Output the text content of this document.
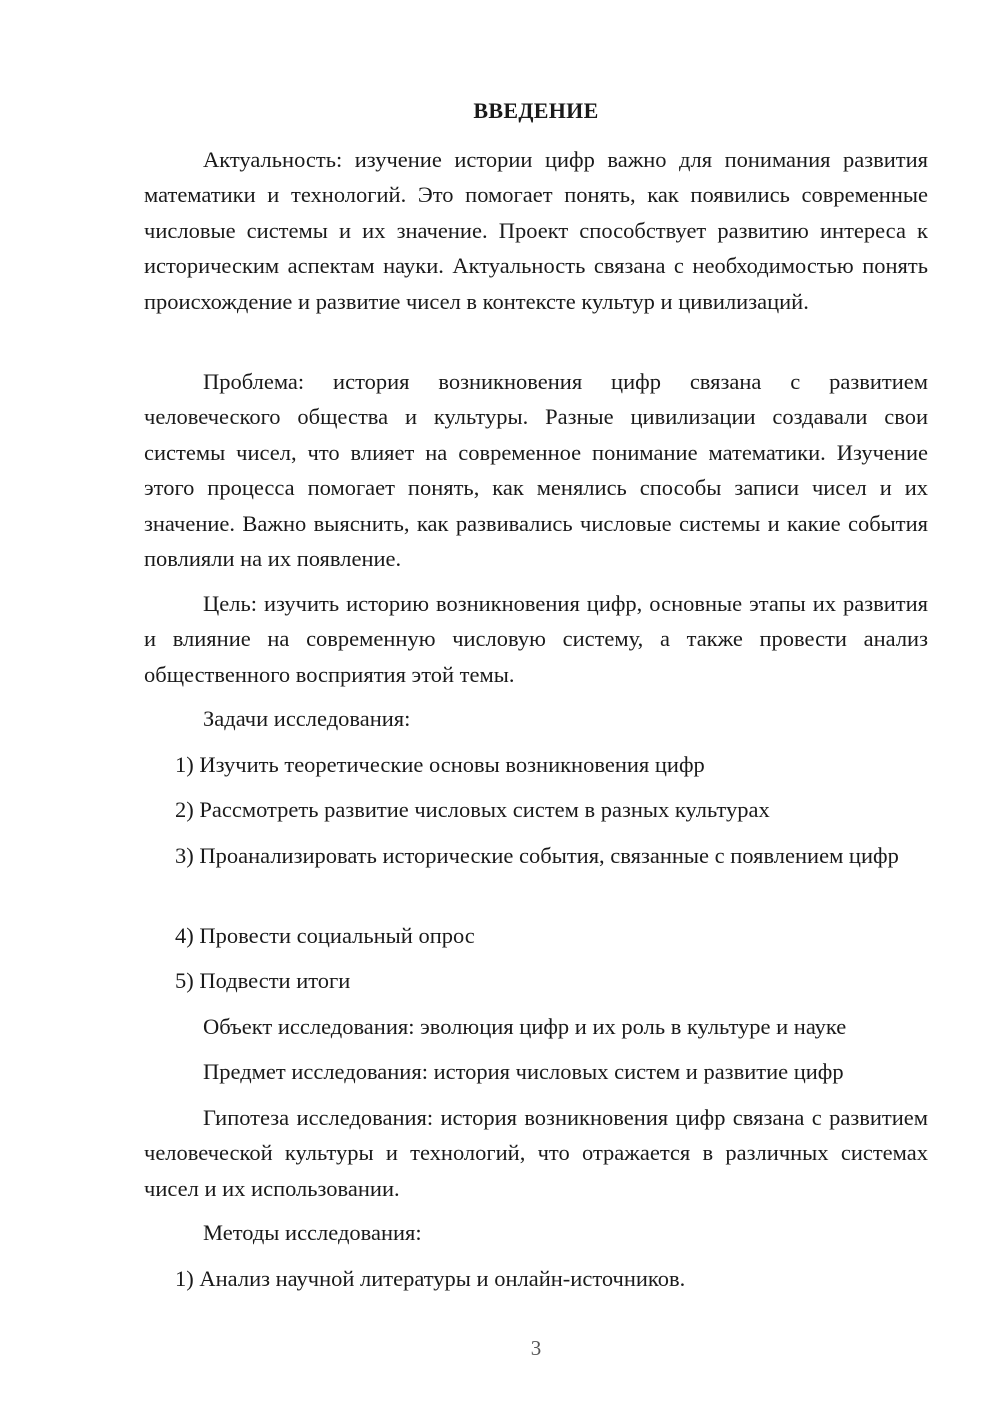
ВВЕДЕНИЕ

Актуальность: изучение истории цифр важно для понимания развития математики и технологий. Это помогает понять, как появились современные числовые системы и их значение. Проект способствует развитию интереса к историческим аспектам науки. Актуальность связана с необходимостью понять происхождение и развитие чисел в контексте культур и цивилизаций.

Проблема: история возникновения цифр связана с развитием человеческого общества и культуры. Разные цивилизации создавали свои системы чисел, что влияет на современное понимание математики. Изучение этого процесса помогает понять, как менялись способы записи чисел и их значение. Важно выяснить, как развивались числовые системы и какие события повлияли на их появление.

Цель: изучить историю возникновения цифр, основные этапы их развития и влияние на современную числовую систему, а также провести анализ общественного восприятия этой темы.

Задачи исследования:

1) Изучить теоретические основы возникновения цифр

2) Рассмотреть развитие числовых систем в разных культурах

3) Проанализировать исторические события, связанные с появлением цифр

4) Провести социальный опрос

5) Подвести итоги

Объект исследования: эволюция цифр и их роль в культуре и науке

Предмет исследования: история числовых систем и развитие цифр

Гипотеза исследования: история возникновения цифр связана с развитием человеческой культуры и технологий, что отражается в различных системах чисел и их использовании.

Методы исследования:

1) Анализ научной литературы и онлайн-источников.

3
